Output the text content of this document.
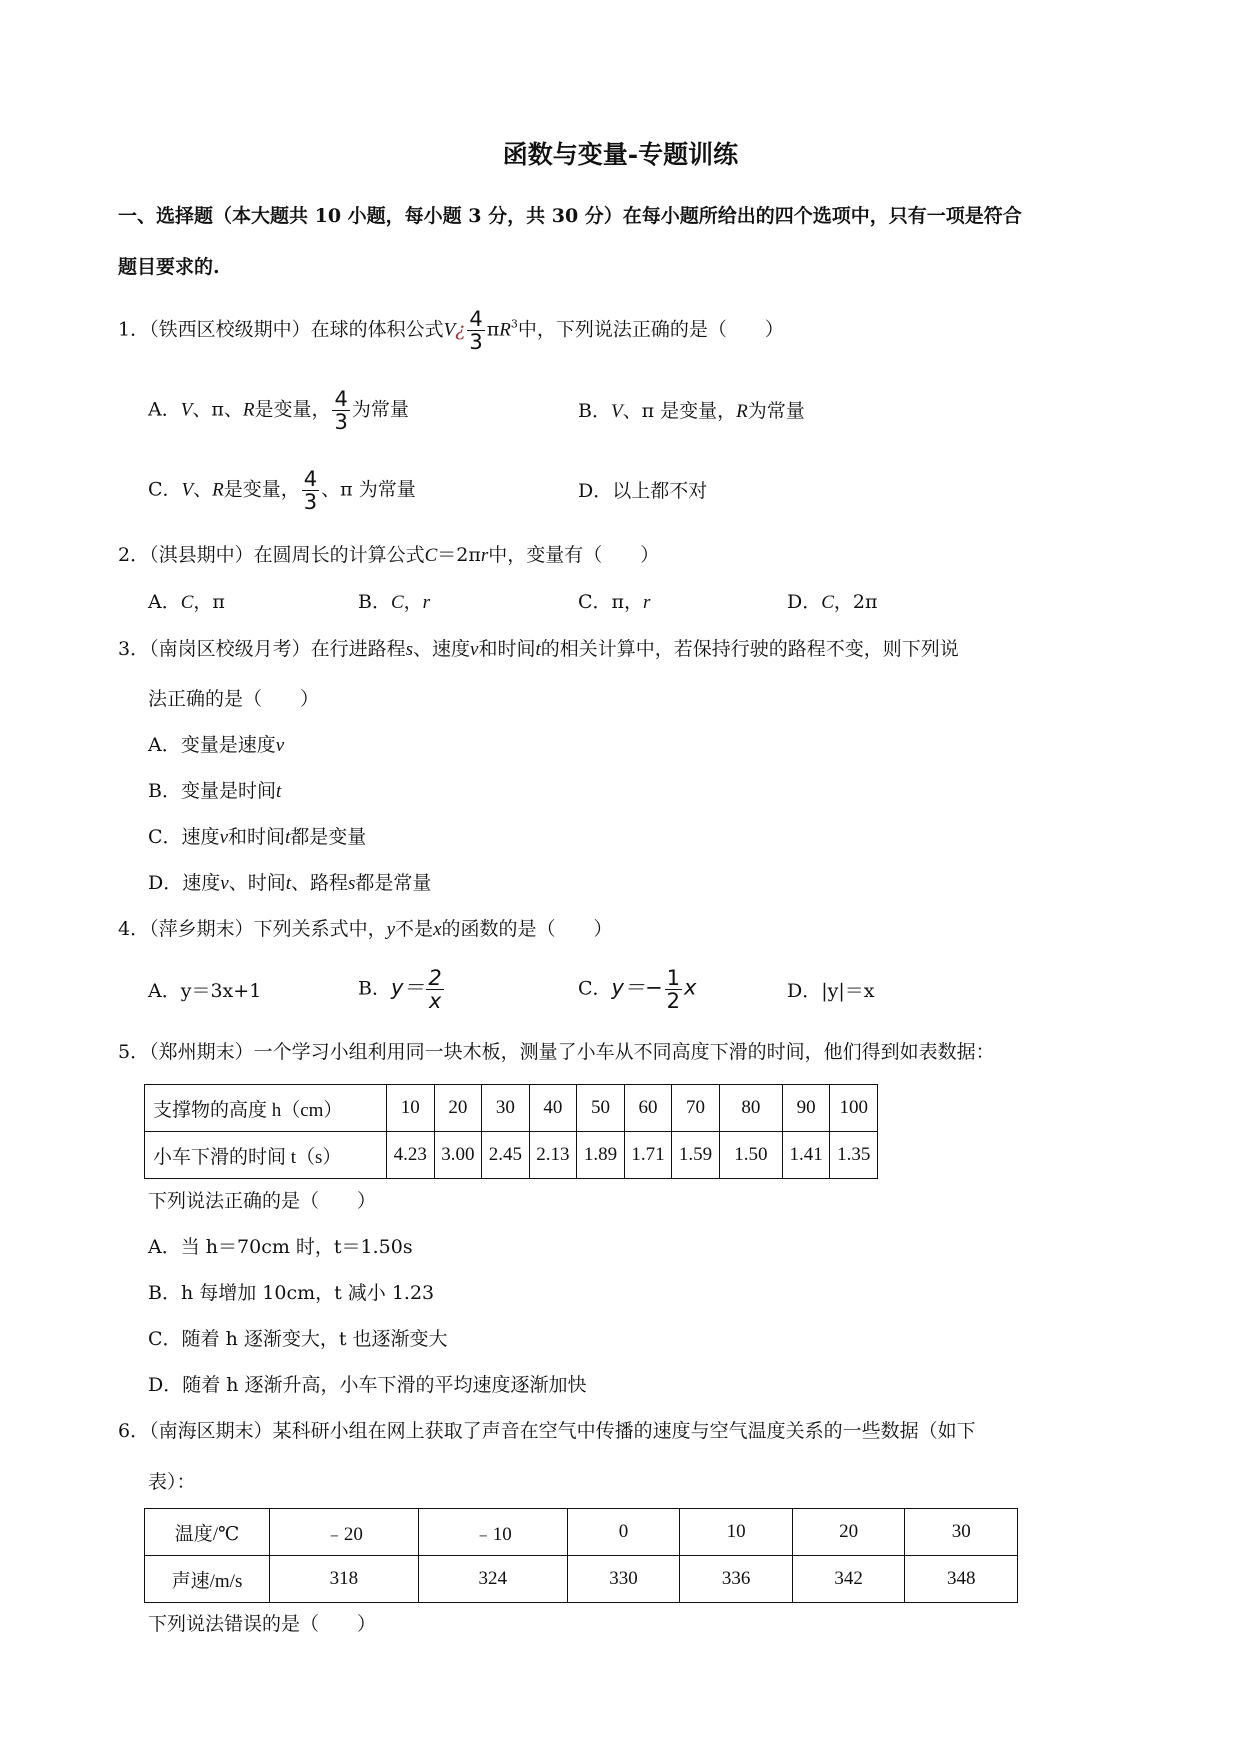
函数与变量-专题训练
一、选择题（本大题共 10 小题，每小题 3 分，共 30 分）在每小题所给出的四个选项中，只有一项是符合
题目要求的.
1．（铁西区校级期中）在球的体积公式V¿ $\frac{4}{3} \pi R^3$中，下列说法正确的是（　　）
A．V、π、R是变量， $\frac{4}{3}$ 为常量	B．V、π 是变量，R为常量
C．V、R是变量， $\frac{4}{3}$ 、π 为常量	D．以上都不对
2．（淇县期中）在圆周长的计算公式C＝2πr中，变量有（　　）
A．C，π	B．C，r	C．π，r	D．C，2π
3．（南岗区校级月考）在行进路程s、速度v和时间t的相关计算中，若保持行驶的路程不变，则下列说
法正确的是（　　）
A．变量是速度v
B．变量是时间t
C．速度v和时间t都是变量
D．速度v、时间t、路程s都是常量
4．（萍乡期末）下列关系式中，y不是x的函数的是（　　）
A．y＝3x+1	B．$y= \frac{2}{x}$	C．$y=- \frac{1}{2}$ x	D．|y|＝x
5．（郑州期末）一个学习小组利用同一块木板，测量了小车从不同高度下滑的时间，他们得到如表数据：
支撑物的高度 h（cm）	10	20	30	40	50	60	70	80	90	100
小车下滑的时间 t（s）	4.23	3.00	2.45	2.13	1.89	1.71	1.59	1.50	1.41	1.35
下列说法正确的是（　　）
A．当 h＝70cm 时，t＝1.50s
B．h 每增加 10cm，t 减小 1.23
C．随着 h 逐渐变大，t 也逐渐变大
D．随着 h 逐渐升高，小车下滑的平均速度逐渐加快
6．（南海区期末）某科研小组在网上获取了声音在空气中传播的速度与空气温度关系的一些数据（如下
表）：
温度/℃	﹣20	﹣10	0	10	20	30
声速/m/s	318	324	330	336	342	348
下列说法错误的是（　　）
